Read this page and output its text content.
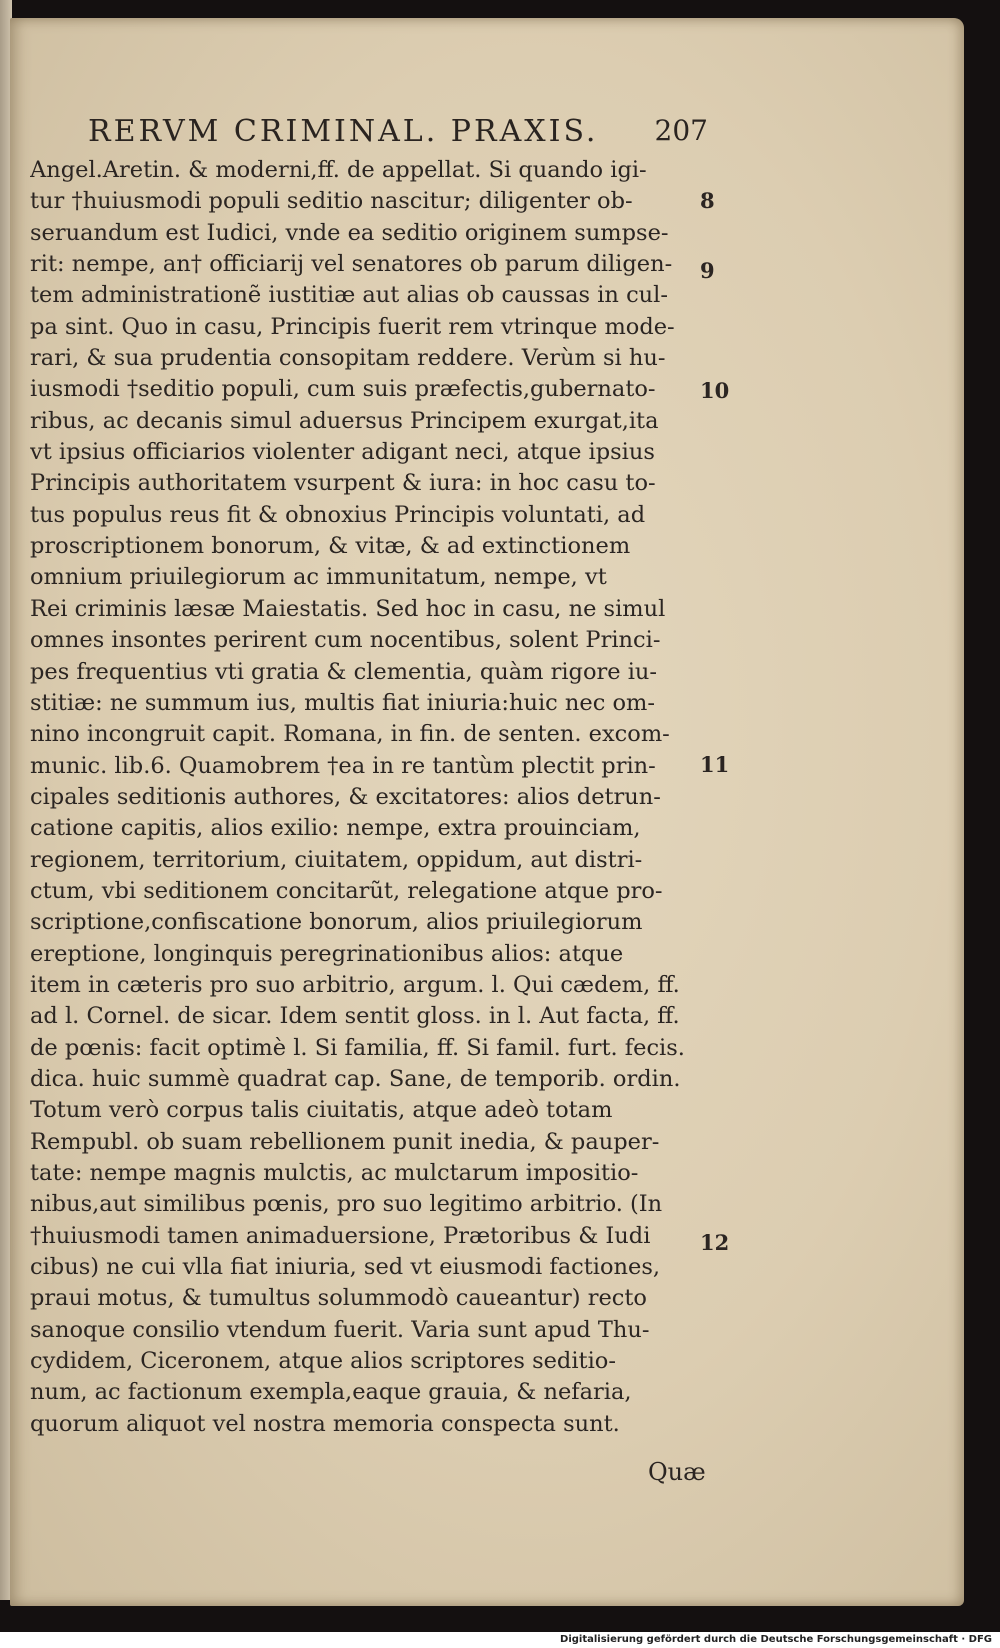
RERVM CRIMINAL. PRAXIS. 207
Angel.Aretin. & moderni,ff. de appellat. Si quando igi-
tur †huiusmodi populi seditio nascitur; diligenter ob-
seruandum est Iudici, vnde ea seditio originem sumpse-
rit: nempe, an† officiarij vel senatores ob parum diligen-
tem administrationẽ iustitiæ aut alias ob caussas in cul-
pa sint. Quo in casu, Principis fuerit rem vtrinque mode-
rari, & sua prudentia consopitam reddere. Verùm si hu-
iusmodi †seditio populi, cum suis præfectis,gubernato-
ribus, ac decanis simul aduersus Principem exurgat,ita
vt ipsius officiarios violenter adigant neci, atque ipsius
Principis authoritatem vsurpent & iura: in hoc casu to-
tus populus reus fit & obnoxius Principis voluntati, ad
proscriptionem bonorum, & vitæ, & ad extinctionem
omnium priuilegiorum ac immunitatum, nempe, vt
Rei criminis læsæ Maiestatis. Sed hoc in casu, ne simul
omnes insontes perirent cum nocentibus, solent Princi-
pes frequentius vti gratia & clementia, quàm rigore iu-
stitiæ: ne summum ius, multis fiat iniuria:huic nec om-
nino incongruit capit. Romana, in fin. de senten. excom-
munic. lib.6. Quamobrem †ea in re tantùm plectit prin-
cipales seditionis authores, & excitatores: alios detrun-
catione capitis, alios exilio: nempe, extra prouinciam,
regionem, territorium, ciuitatem, oppidum, aut distri-
ctum, vbi seditionem concitarũt, relegatione atque pro-
scriptione,confiscatione bonorum, alios priuilegiorum
ereptione, longinquis peregrinationibus alios: atque
item in cæteris pro suo arbitrio, argum. l. Qui cædem, ff.
ad l. Cornel. de sicar. Idem sentit gloss. in l. Aut facta, ff.
de pœnis: facit optimè l. Si familia, ff. Si famil. furt. fecis.
dica. huic summè quadrat cap. Sane, de temporib. ordin.
Totum verò corpus talis ciuitatis, atque adeò totam
Rempubl. ob suam rebellionem punit inedia, & pauper-
tate: nempe magnis mulctis, ac mulctarum impositio-
nibus,aut similibus pœnis, pro suo legitimo arbitrio. (In
†huiusmodi tamen animaduersione, Prætoribus & Iudi
cibus) ne cui vlla fiat iniuria, sed vt eiusmodi factiones,
praui motus, & tumultus solummodò caueantur) recto
sanoque consilio vtendum fuerit. Varia sunt apud Thu-
cydidem, Ciceronem, atque alios scriptores seditio-
num, ac factionum exempla,eaque grauia, & nefaria,
quorum aliquot vel nostra memoria conspecta sunt.
8
9
10
11
12
Quæ
Digitalisierung gefördert durch die Deutsche Forschungsgemeinschaft · DFG
